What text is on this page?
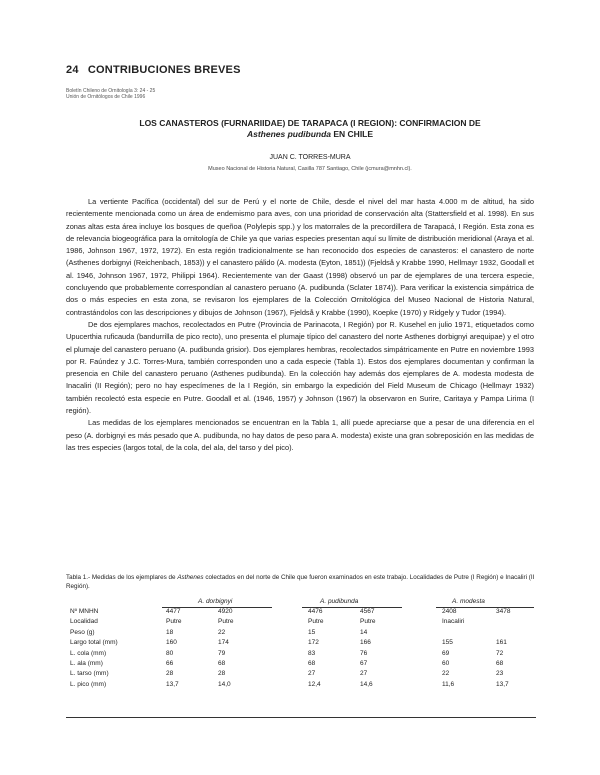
24 CONTRIBUCIONES BREVES
Boletín Chileno de Ornitología 3: 24 - 25
Unión de Ornitólogos de Chile 1996
LOS CANASTEROS (FURNARIIDAE) DE TARAPACA (I REGION): CONFIRMACION DE
Asthenes pudibunda EN CHILE
JUAN C. TORRES-MURA
Museo Nacional de Historia Natural, Casilla 787 Santiago, Chile (jcmura@mnhn.cl).

La vertiente Pacífica (occidental) del sur de Perú y el norte de Chile, desde el nivel del mar hasta 4.000 m de altitud, ha sido recientemente mencionada como un área de endemismo para aves, con una prioridad de conservación alta (Stattersfield et al. 1998). En sus zonas altas esta área incluye los bosques de queñoa (Polylepis spp.) y los matorrales de la precordillera de Tarapacá, I Región. Esta zona es de relevancia biogeográfica para la ornitología de Chile ya que varias especies presentan aquí su límite de distribución meridional (Araya et al. 1986, Johnson 1967, 1972, 1972). En esta región tradicionalmente se han reconocido dos especies de canasteros: el canastero de norte (Asthenes dorbignyi (Reichenbach, 1853)) y el canastero pálido (A. modesta (Eyton, 1851)) (Fjeldså y Krabbe 1990, Hellmayr 1932, Goodall et al. 1946, Johnson 1967, 1972, Philippi 1964). Recientemente van der Gaast (1998) observó un par de ejemplares de una tercera especie, concluyendo que probablemente correspondían al canastero peruano (A. pudibunda (Sclater 1874)). Para verificar la existencia simpátrica de dos o más especies en esta zona, se revisaron los ejemplares de la Colección Ornitológica del Museo Nacional de Historia Natural, contrastándolos con las descripciones y dibujos de Johnson (1967), Fjeldså y Krabbe (1990), Koepke (1970) y Ridgely y Tudor (1994).

De dos ejemplares machos, recolectados en Putre (Provincia de Parinacota, I Región) por R. Kusehel en julio 1971, etiquetados como Upucerthia ruficauda (bandurrilla de pico recto), uno presenta el plumaje típico del canastero del norte Asthenes dorbignyi arequipae) y el otro el plumaje del canastero peruano (A. pudibunda grisior). Dos ejemplares hembras, recolectados simpátricamente en Putre en noviembre 1993 por R. Faúndez y J.C. Torres-Mura, también corresponden uno a cada especie (Tabla 1). Estos dos ejemplares documentan y confirman la presencia en Chile del canastero peruano (Asthenes pudibunda). En la colección hay además dos ejemplares de A. modesta modesta de Inacaliri (II Región); pero no hay especímenes de la I Región, sin embargo la expedición del Field Museum de Chicago (Hellmayr 1932) también recolectó esta especie en Putre. Goodall et al. (1946, 1957) y Johnson (1967) la observaron en Surire, Caritaya y Pampa Lirima (I región).

Las medidas de los ejemplares mencionados se encuentran en la Tabla 1, allí puede apreciarse que a pesar de una diferencia en el peso (A. dorbignyi es más pesado que A. pudibunda, no hay datos de peso para A. modesta) existe una gran sobreposición en las medidas de las tres especies (largos total, de la cola, del ala, del tarso y del pico).

Tabla 1.- Medidas de los ejemplares de Asthenes colectados en del norte de Chile que fueron examinados en este trabajo. Localidades de Putre (I Región) e Inacaliri (II Región).
A. dorbignyi	A. pudibunda	A. modesta
Nº MNHN	4477	4920	4476	4567	2408	3478
Localidad	Putre	Putre	Putre	Putre	Inacaliri
Peso (g)	18	22	15	14
Largo total (mm)	160	174	172	166	155	161
L. cola (mm)	80	79	83	76	69	72
L. ala (mm)	66	68	68	67	60	68
L. tarso (mm)	28	28	27	27	22	23
L. pico (mm)	13,7	14,0	12,4	14,6	11,6	13,7
